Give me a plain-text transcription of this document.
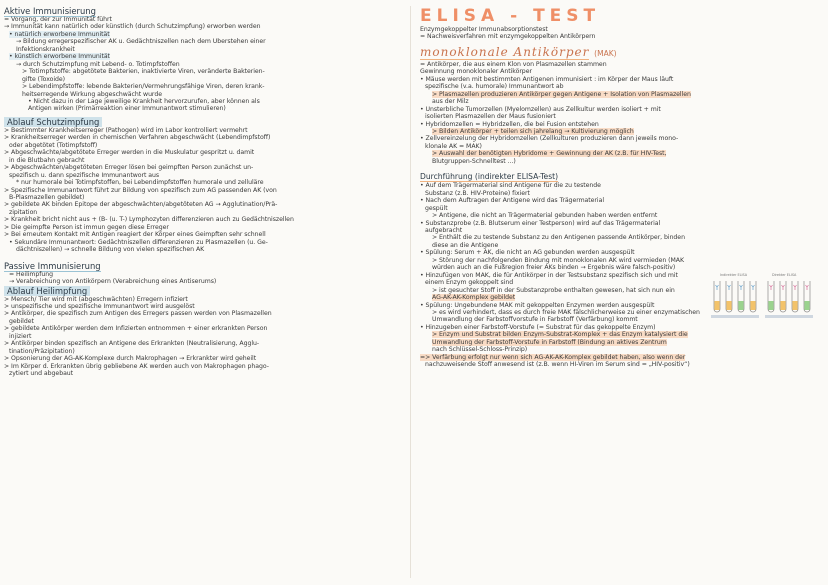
Aktive Immunisierung
= Vorgang, der zur Immunität führt
→ Immunität kann natürlich oder künstlich (durch Schutzimpfung) erworben werden
• natürlich erworbene Immunität
→ Bildung erregerspezifischer AK u. Gedächtniszellen nach dem Überstehen einer
Infektionskrankheit
• künstlich erworbene Immunität
→ durch Schutzimpfung mit Lebend- o. Totimpfstoffen
> Totimpfstoffe: abgetötete Bakterien, inaktivierte Viren, veränderte Bakterien-
gifte (Toxoide)
> Lebendimpfstoffe: lebende Bakterien/Vermehrungsfähige Viren, deren krank-
heitserregende Wirkung abgeschwächt wurde
• Nicht dazu in der Lage jeweilige Krankheit hervorzurufen, aber können als
Antigen wirken (Primärreaktion einer Immunantwort stimulieren)
Ablauf Schutzimpfung
> Bestimmter Krankheitserreger (Pathogen) wird im Labor kontrolliert vermehrt
> Krankheitserreger werden in chemischen Verfahren abgeschwächt (Lebendimpfstoff)
oder abgetötet (Totimpfstoff)
> Abgeschwächte/abgetötete Erreger werden in die Muskulatur gespritzt u. damit
in die Blutbahn gebracht
> Abgeschwächten/abgetöteten Erreger lösen bei geimpften Person zunächst un-
spezifisch u. dann spezifische Immunantwort aus
* nur humorale bei Totimpfstoffen, bei Lebendimpfstoffen humorale und zelluläre
> Spezifische Immunantwort führt zur Bildung von spezifisch zum AG passenden AK (von
B-Plasmazellen gebildet)
> gebildete AK binden Epitope der abgeschwächten/abgetöteten AG → Agglutination/Prä-
zipitation
> Krankheit bricht nicht aus + (B- (u. T-) Lymphozyten differenzieren auch zu Gedächtniszellen
> Die geimpfte Person ist immun gegen diese Erreger
> Bei erneutem Kontakt mit Antigen reagiert der Körper eines Geimpften sehr schnell
• Sekundäre Immunantwort: Gedächtniszellen differenzieren zu Plasmazellen (u. Ge-
dächtniszellen) → schnelle Bildung von vielen spezifischen AK
Passive Immunisierung
= Heilimpfung
→ Verabreichung von Antikörpern (Verabreichung eines Antiserums)
Ablauf Heilimpfung
> Mensch/ Tier wird mit (abgeschwächten) Erregern infiziert
> unspezifische und spezifische Immunantwort wird ausgelöst
> Antikörper, die spezifisch zum Antigen des Erregers passen werden von Plasmazellen
gebildet
> gebildete Antikörper werden dem Infizierten entnommen + einer erkrankten Person
injiziert
> Antikörper binden spezifisch an Antigene des Erkrankten (Neutralisierung, Agglu-
tination/Präzipitation)
> Opsonierung der AG-AK-Komplexe durch Makrophagen → Erkrankter wird geheilt
> Im Körper d. Erkrankten übrig gebliebene AK werden auch von Makrophagen phago-
zytiert und abgebaut
ELISA - TEST
Enzymgekoppelter Immunabsorptionstest
= Nachweisverfahren mit enzymgekoppelten Antikörpern
monoklonale Antikörper (MAK)
= Antikörper, die aus einem Klon von Plasmazellen stammen
Gewinnung monoklonaler Antikörper
• Mäuse werden mit bestimmten Antigenen immunisiert : im Körper der Maus läuft
spezifische (v.a. humorale) Immunantwort ab
> Plasmazellen produzieren Antikörper gegen Antigene + Isolation von Plasmazellen
aus der Milz
• Unsterbliche Tumorzellen (Myelomzellen) aus Zellkultur werden isoliert + mit
isolierten Plasmazellen der Maus fusioniert
• Hybridomzellen = Hybridzellen, die bei Fusion entstehen
> Bilden Antikörper + teilen sich jahrelang → Kultivierung möglich
• Zellvereinzelung der Hybridomzellen (Zellkulturen produzieren dann jeweils mono-
klonale AK = MAK)
> Auswahl der benötigten Hybridome + Gewinnung der AK (z.B. für HIV-Test,
Blutgruppen-Schnelltest ...)
Durchführung (indirekter ELISA-Test)
• Auf dem Trägermaterial sind Antigene für die zu testende
Substanz (z.B. HIV-Proteine) fixiert
• Nach dem Auftragen der Antigene wird das Trägermaterial
gespült
> Antigene, die nicht an Trägermaterial gebunden haben werden entfernt
• Substanzprobe (z.B. Blutserum einer Testperson) wird auf das Trägermaterial
aufgebracht
> Enthält die zu testende Substanz zu den Antigenen passende Antikörper, binden
diese an die Antigene
• Spülung: Serum + AK, die nicht an AG gebunden werden ausgespült
> Störung der nachfolgenden Bindung mit monoklonalen AK wird vermieden (MAK
würden auch an die Fußregion freier AKs binden → Ergebnis wäre falsch-positiv)
• Hinzufügen von MAK, die für Antikörper in der Testsubstanz spezifisch sich und mit
einem Enzym gekoppelt sind
> ist gesuchter Stoff in der Substanzprobe enthalten gewesen, hat sich nun ein
AG-AK-AK-Komplex gebildet
• Spülung: Ungebundene MAK mit gekoppelten Enzymen werden ausgespült
> es wird verhindert, dass es durch freie MAK fälschlicherweise zu einer enzymatischen
Umwandlung der Farbstoffvorstufe in Farbstoff (Verfärbung) kommt
• Hinzugeben einer Farbstoff-Vorstufe (= Substrat für das gekoppelte Enzym)
> Enzym und Substrat bilden Enzym-Substrat-Komplex + das Enzym katalysiert die
Umwandlung der Farbstoff-Vorstufe in Farbstoff (Bindung an aktives Zentrum
nach Schlüssel-Schloss-Prinzip)
=> Verfärbung erfolgt nur wenn sich AG-AK-AK-Komplex gebildet haben, also wenn der
nachzuweisende Stoff anwesend ist (z.B. wenn HI-Viren im Serum sind = „HIV-positiv“)
Indirekter ELISA	Direkter ELISA
